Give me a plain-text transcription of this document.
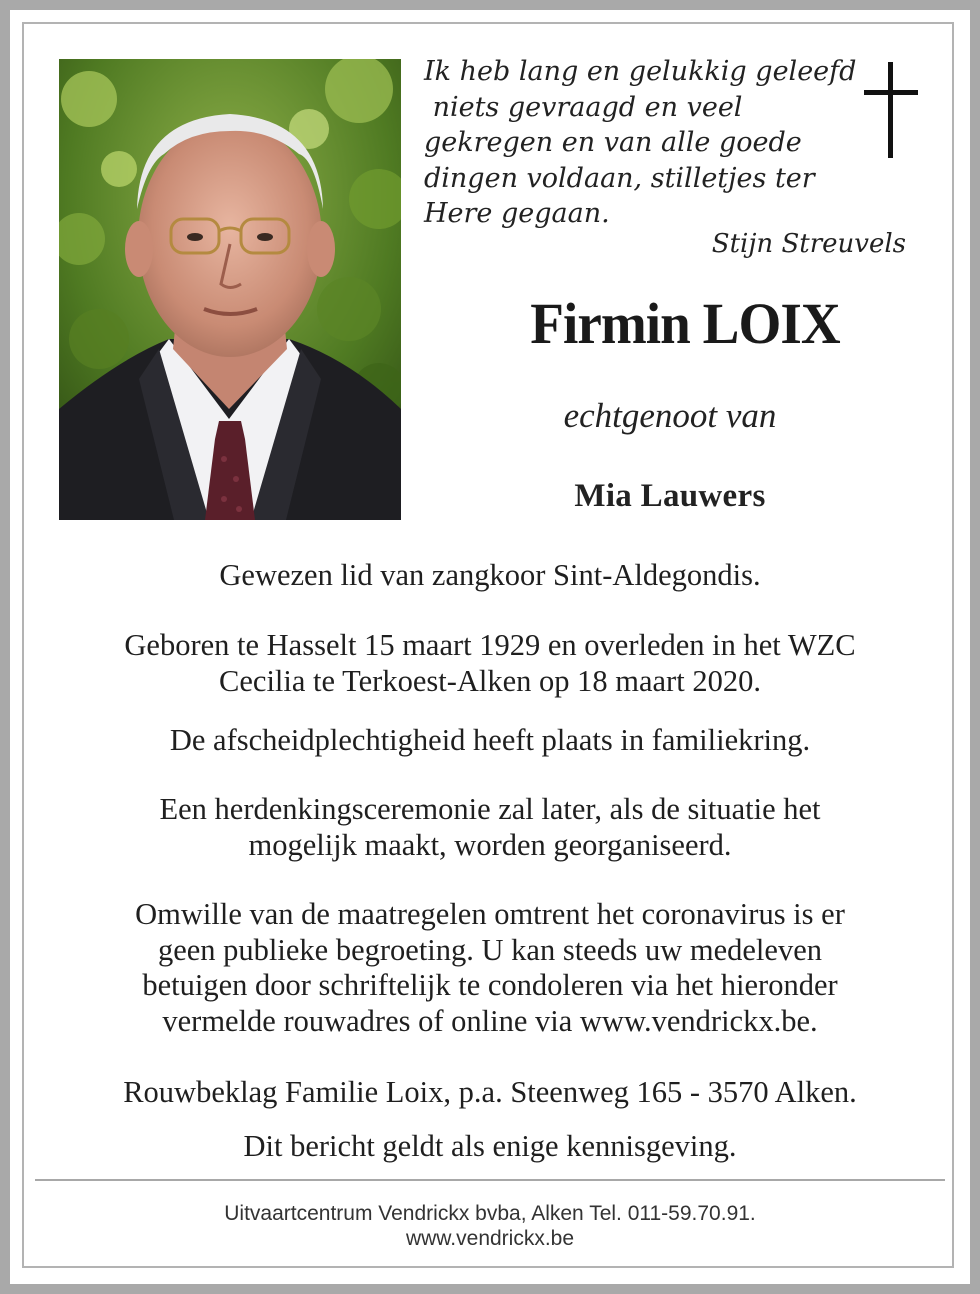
Ik heb lang en gelukkig geleefd
niets gevraagd en veel
gekregen en van alle goede
dingen voldaan, stilletjes ter
Here gegaan.
Stijn Streuvels
Firmin LOIX
echtgenoot van
Mia Lauwers
Gewezen lid van zangkoor Sint-Aldegondis.
Geboren te Hasselt 15 maart 1929 en overleden in het WZC
Cecilia te Terkoest-Alken op 18 maart 2020.
De afscheidplechtigheid heeft plaats in familiekring.
Een herdenkingsceremonie zal later, als de situatie het
mogelijk maakt, worden georganiseerd.
Omwille van de maatregelen omtrent het coronavirus is er
geen publieke begroeting. U kan steeds uw medeleven
betuigen door schriftelijk te condoleren via het hieronder
vermelde rouwadres of online via www.vendrickx.be.
Rouwbeklag Familie Loix, p.a. Steenweg 165 - 3570 Alken.
Dit bericht geldt als enige kennisgeving.
Uitvaartcentrum Vendrickx bvba, Alken Tel. 011-59.70.91.
www.vendrickx.be
